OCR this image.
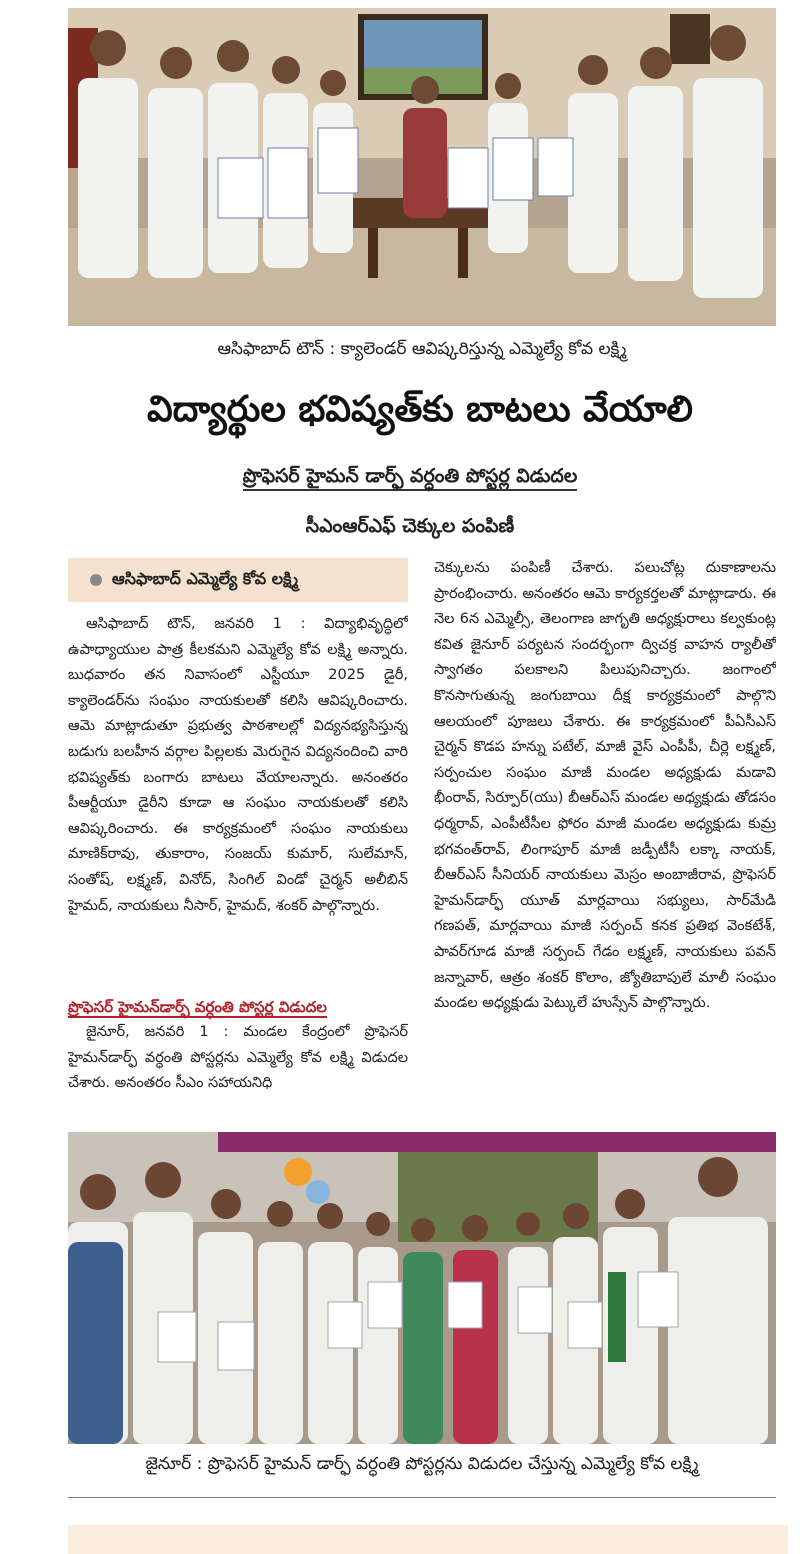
ఆసిఫాబాద్ టౌన్ : క్యాలెండర్ ఆవిష్కరిస్తున్న ఎమ్మెల్యే కోవ లక్ష్మి
విద్యార్థుల భవిష్యత్‌కు బాటలు వేయాలి
ప్రొఫెసర్ హైమన్ డార్ఫ్ వర్ధంతి పోస్టర్ల విడుదల
సీఎంఆర్ఎఫ్ చెక్కుల పంపిణీ
ఆసిఫాబాద్ ఎమ్మెల్యే కోవ లక్ష్మి

ఆసిఫాబాద్ టౌన్, జనవరి 1 : విద్యాభివృద్ధిలో ఉపాధ్యాయుల పాత్ర కీలకమని ఎమ్మెల్యే కోవ లక్ష్మి అన్నారు. బుధవారం తన నివాసంలో ఎస్టీయూ 2025 డైరీ, క్యాలెండర్‌ను సంఘం నాయకులతో కలిసి ఆవిష్కరించారు. ఆమె మాట్లాడుతూ ప్రభుత్వ పాఠశాలల్లో విద్యనభ్యసిస్తున్న బడుగు బలహీన వర్గాల పిల్లలకు మెరుగైన విద్యనందించి వారి భవిష్యత్‌కు బంగారు బాటలు వేయాలన్నారు. అనంతరం పీఆర్టీయూ డైరీని కూడా ఆ సంఘం నాయకులతో కలిసి ఆవిష్కరించారు. ఈ కార్యక్రమంలో సంఘం నాయకులు మాణిక్‌రావు, తుకారాం, సంజయ్ కుమార్, సులేమాన్, సంతోష్, లక్ష్మణ్, వినోద్, సింగిల్ విండో చైర్మన్ అలీబిన్ హైమద్, నాయకులు నీసార్, హైమద్, శంకర్ పాల్గొన్నారు.

ప్రొఫెసర్ హైమన్‌డార్ఫ్ వర్ధంతి పోస్టర్ల విడుదల

జైనూర్, జనవరి 1 : మండల కేంద్రంలో ప్రొఫెసర్ హైమన్‌డార్ఫ్ వర్ధంతి పోస్టర్లను ఎమ్మెల్యే కోవ లక్ష్మి విడుదల చేశారు. అనంతరం సీఎం సహాయనిధి

చెక్కులను పంపిణీ చేశారు. పలుచోట్ల దుకాణాలను ప్రారంభించారు. అనంతరం ఆమె కార్యకర్తలతో మాట్లాడారు. ఈ నెల 6న ఎమ్మెల్సీ, తెలంగాణ జాగృతి అధ్యక్షురాలు కల్వకుంట్ల కవిత జైనూర్ పర్యటన సందర్భంగా ద్విచక్ర వాహన ర్యాలీతో స్వాగతం పలకాలని పిలుపునిచ్చారు. జంగాంలో కొనసాగుతున్న జంగుబాయి దీక్ష కార్యక్రమంలో పాల్గొని ఆలయంలో పూజలు చేశారు. ఈ కార్యక్రమంలో పీఏసీఎస్ చైర్మన్ కొడప హన్ను పటేల్, మాజీ వైస్ ఎంపీపీ, చీర్లె లక్ష్మణ్, సర్పంచుల సంఘం మాజీ మండల అధ్యక్షుడు మడావి భీంరావ్, సిర్పూర్(యు) బీఆర్ఎస్ మండల అధ్యక్షుడు తోడసం ధర్మరావ్, ఎంపీటీసీల ఫోరం మాజీ మండల అధ్యక్షుడు కుమ్ర భగవంత్‌రావ్, లింగాపూర్ మాజీ జడ్పీటీసీ లక్కా నాయక్, బీఆర్ఎస్ సీనియర్ నాయకులు మెస్రం అంబాజీరావ, ప్రొఫెసర్ హైమన్‌డార్ఫ్ యూత్ మార్లవాయి సభ్యులు, సార్‌మేడి గణపత్, మార్లవాయి మాజీ సర్పంచ్ కనక ప్రతిభ వెంకటేశ్, పావర్‌గూడ మాజీ సర్పంచ్ గేడం లక్ష్మణ్, నాయకులు పవన్ జన్నావార్, ఆత్రం శంకర్ కొలాం, జ్యోతిబాపులే మాలీ సంఘం మండల అధ్యక్షుడు పెట్కులే హుస్సేన్ పాల్గొన్నారు.

జైనూర్ : ప్రొఫెసర్ హైమన్ డార్ఫ్ వర్ధంతి పోస్టర్లను విడుదల చేస్తున్న ఎమ్మెల్యే కోవ లక్ష్మి
